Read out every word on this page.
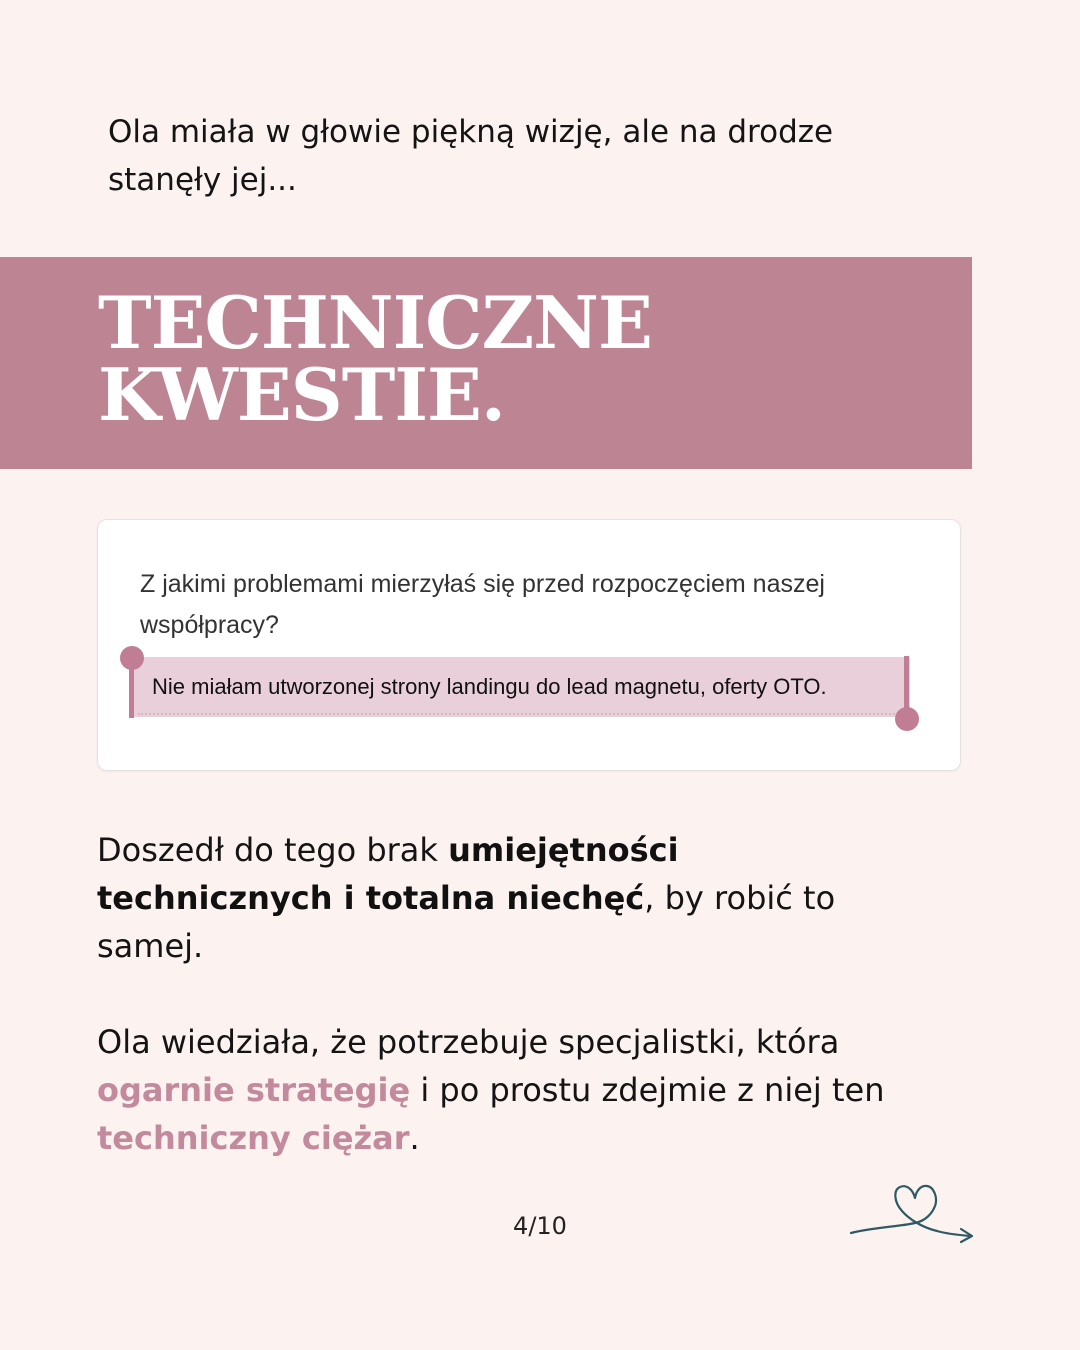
Ola miała w głowie piękną wizję, ale na drodze
stanęły jej...
TECHNICZNE
KWESTIE.
Z jakimi problemami mierzyłaś się przed rozpoczęciem naszej
współpracy?
Nie miałam utworzonej strony landingu do lead magnetu, oferty OTO.
Doszedł do tego brak umiejętności
technicznych i totalna niechęć, by robić to
samej.
Ola wiedziała, że potrzebuje specjalistki, która
ogarnie strategię i po prostu zdejmie z niej ten
techniczny ciężar.
4/10
